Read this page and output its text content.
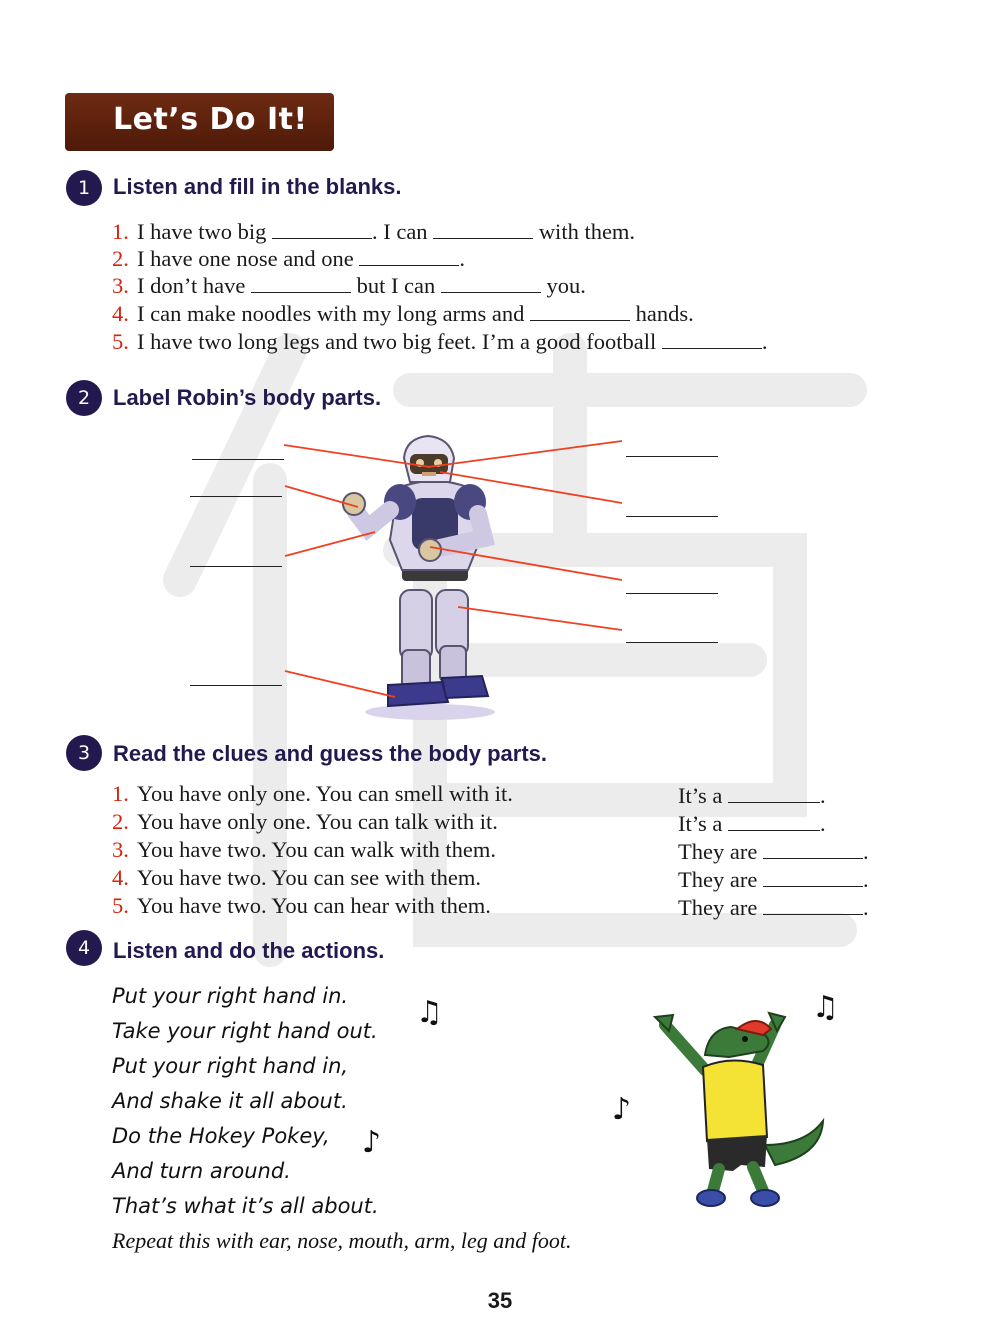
Let’s Do It!
1	Listen and fill in the blanks.
1. I have two big	. I can	with them.
2. I have one nose and one	.
3. I don’t have	but I can	you.
4. I can make noodles with my long arms and	hands.
5. I have two long legs and two big feet. I’m a good football	.
2	Label Robin’s body parts.
3	Read the clues and guess the body parts.
1. You have only one. You can smell with it.
2. You have only one. You can talk with it.
3. You have two. You can walk with them.
4. You have two. You can see with them.
5. You have two. You can hear with them.
It’s a	.
It’s a	.
They are	.
They are	.
They are	.
4	Listen and do the actions.
Put your right hand in.
Take your right hand out.
Put your right hand in,
And shake it all about.
Do the Hokey Pokey,
And turn around.
That’s what it’s all about.
Repeat this with ear, nose, mouth, arm, leg and foot.
♫
♪
♪
♫
35
